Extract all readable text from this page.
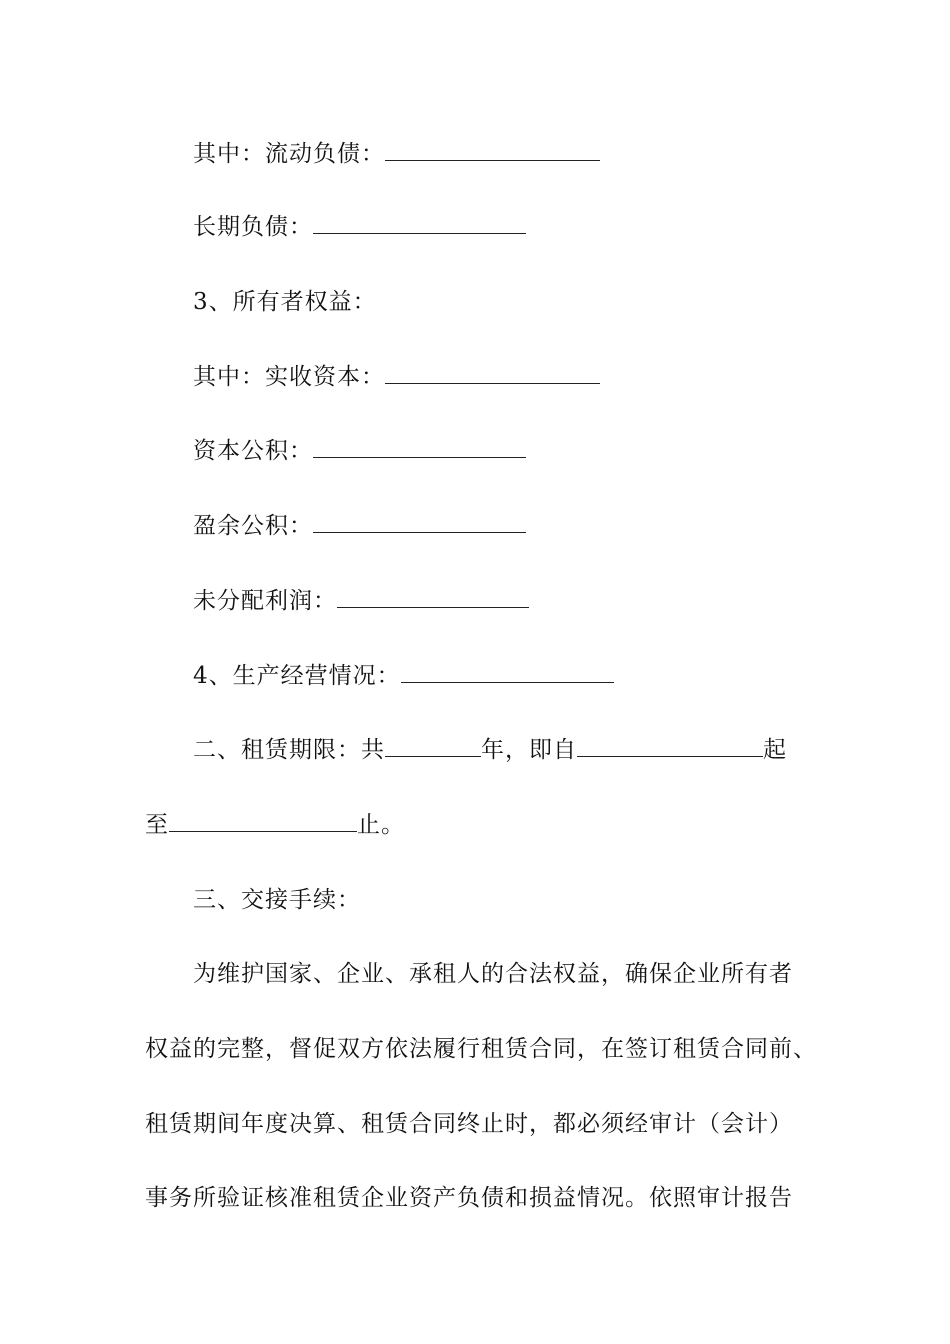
其中：流动负债：
长期负债：
3、所有者权益：
其中：实收资本：
资本公积：
盈余公积：
未分配利润：
4、生产经营情况：
二、租赁期限：共	年，即自	起
至	止。
三、交接手续：
为维护国家、企业、承租人的合法权益，确保企业所有者
权益的完整，督促双方依法履行租赁合同，在签订租赁合同前、
租赁期间年度决算、租赁合同终止时，都必须经审计（会计）
事务所验证核准租赁企业资产负债和损益情况。依照审计报告
